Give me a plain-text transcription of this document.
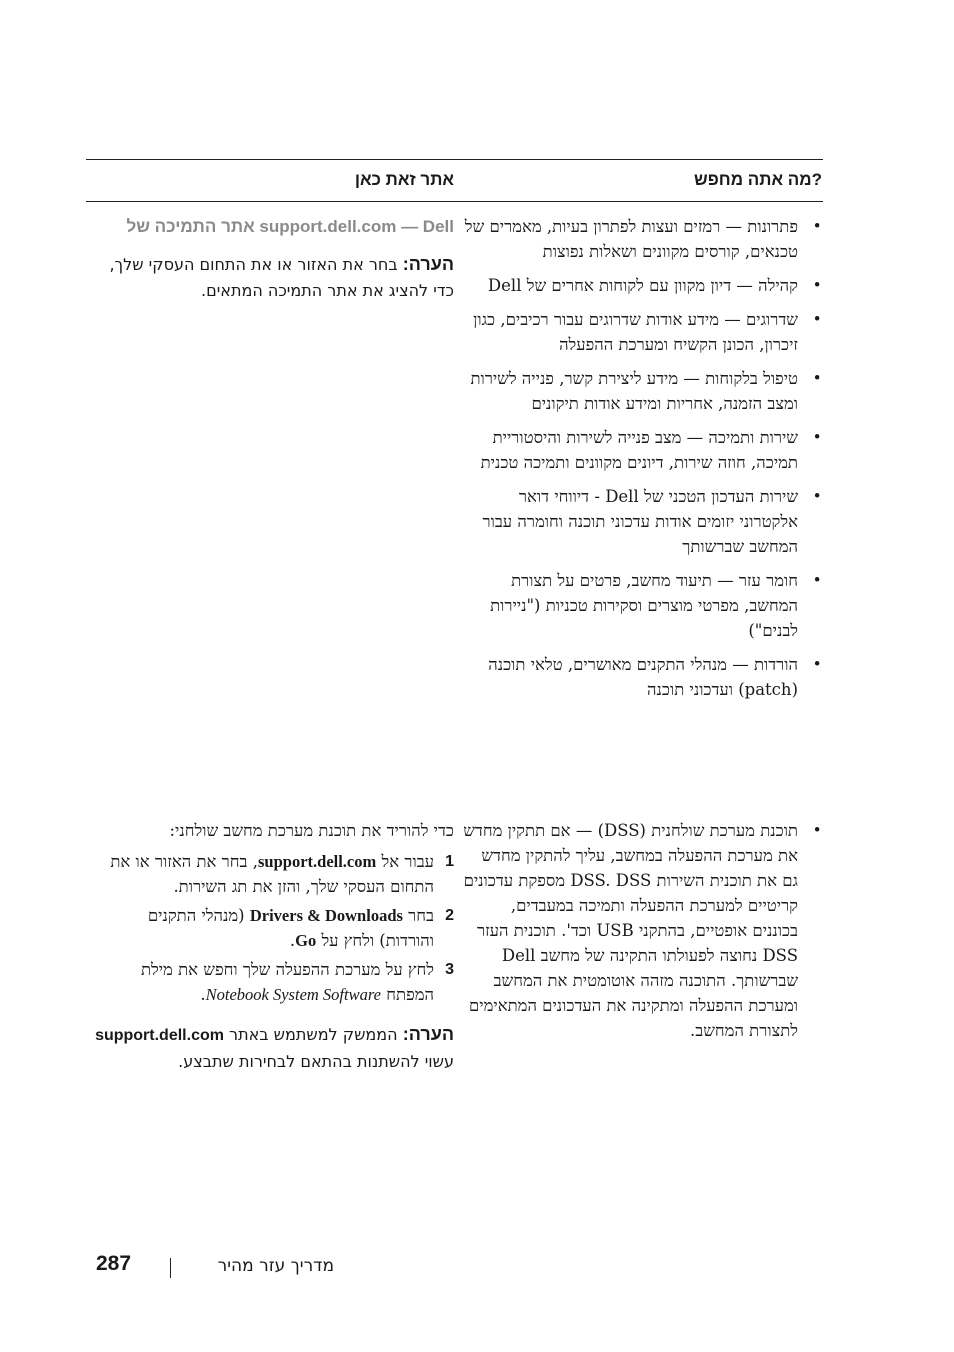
?מה אתה מחפש
אתר זאת כאן
• פתרונות — רמזים ועצות לפתרון בעיות, מאמרים של טכנאים, קורסים מקוונים ושאלות נפוצות
• קהילה — דיון מקוון עם לקוחות אחרים של Dell
• שדרוגים — מידע אודות שדרוגים עבור רכיבים, כגון זיכרון, הכונן הקשיח ומערכת ההפעלה
• טיפול בלקוחות — מידע ליצירת קשר, פנייה לשירות ומצב הזמנה, אחריות ומידע אודות תיקונים
• שירות ותמיכה — מצב פנייה לשירות והיסטוריית תמיכה, חוזה שירות, דיונים מקוונים ותמיכה טכנית
• שירות העדכון הטכני של Dell - דיווחי דואר אלקטרוני יזומים אודות עדכוני תוכנה וחומרה עבור המחשב שברשותך
• חומר עזר — תיעוד מחשב, פרטים על תצורת המחשב, מפרטי מוצרים וסקירות טכניות ("ניירות לבנים")
• הורדות — מנהלי התקנים מאושרים, טלאי תוכנה (patch) ועדכוני תוכנה
support.dell.com — Dell אתר התמיכה של
הערה: בחר את האזור או את התחום העסקי שלך, כדי להציג את אתר התמיכה המתאים.
• תוכנת מערכת שולחנית (DSS) — אם תתקין מחדש את מערכת ההפעלה במחשב, עליך להתקין מחדש גם את תוכנית השירות DSS. DSS מספקת עדכונים קריטיים למערכת ההפעלה ותמיכה במעבדים, בכוננים אופטיים, בהתקני USB וכד'. תוכנית העזר DSS נחוצה לפעולתו התקינה של מחשב Dell שברשותך. התוכנה מזהה אוטומטית את המחשב ומערכת ההפעלה ומתקינה את העדכונים המתאימים לתצורת המחשב.
כדי להוריד את תוכנת מערכת מחשב שולחני:
1
עבור אל support.dell.com, בחר את האזור או את התחום העסקי שלך, והזן את תג השירות.
2
בחר Drivers & Downloads (מנהלי התקנים והורדות) ולחץ על Go.
3
לחץ על מערכת ההפעלה שלך וחפש את מילת המפתח Notebook System Software.
הערה: הממשק למשתמש באתר support.dell.com עשוי להשתנות בהתאם לבחירות שתבצע.
מדריך עזר מהיר
287
